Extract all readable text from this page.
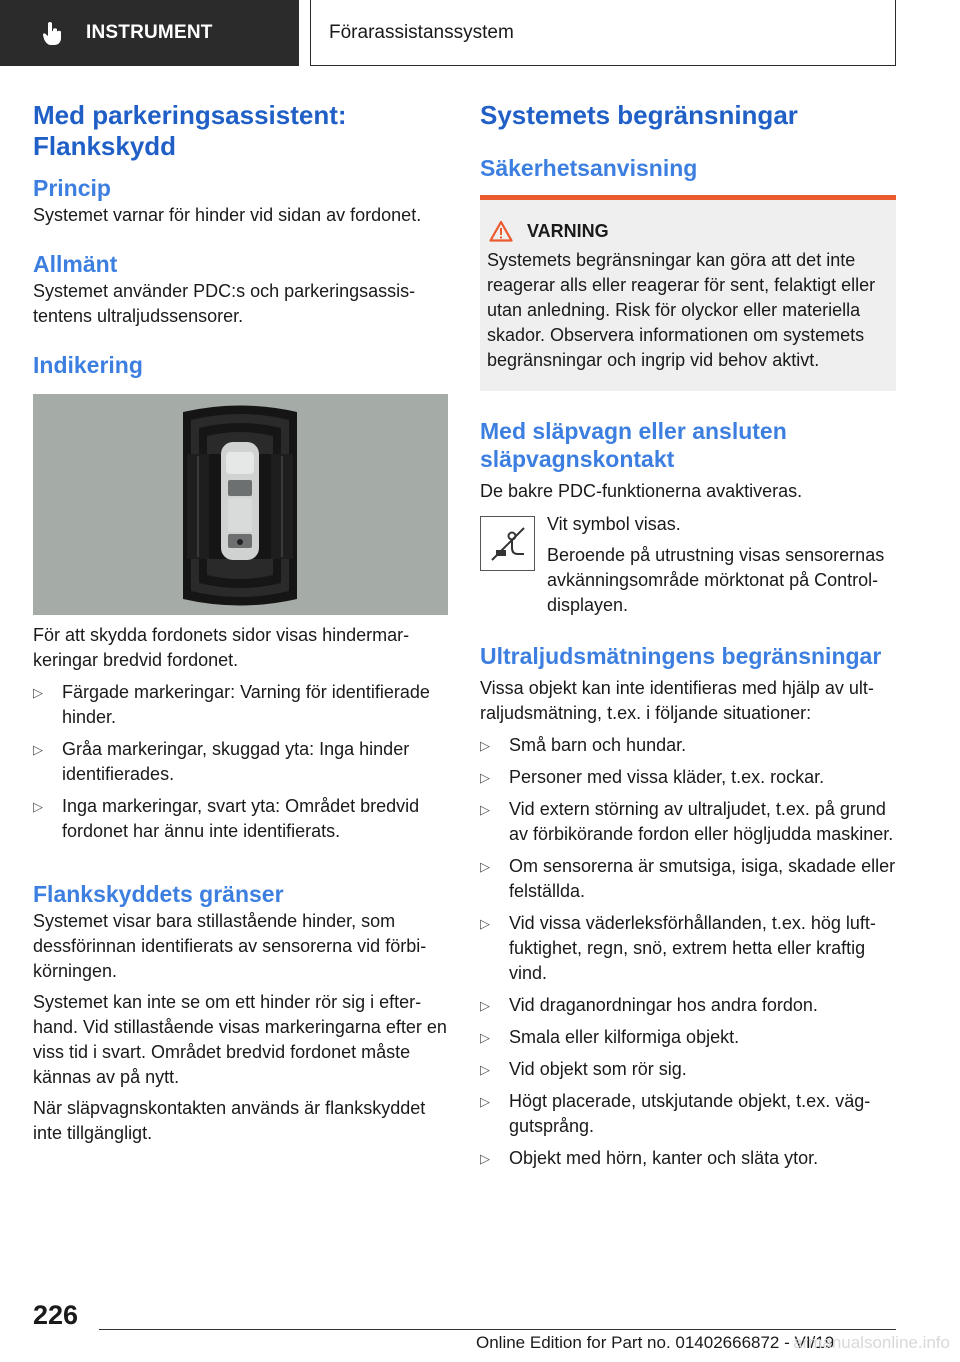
INSTRUMENT	Förarassistanssystem
Med parkeringsassistent: Flankskydd
Princip

Systemet varnar för hinder vid sidan av fordonet.

Allmänt

Systemet använder PDC:s och parkeringsassistentens ultraljudssensorer.

Indikering

För att skydda fordonets sidor visas hindermarkeringar bredvid fordonet.

▷ Färgade markeringar: Varning för identifierade hinder.
▷ Gråa markeringar, skuggad yta: Inga hinder identifierades.
▷ Inga markeringar, svart yta: Området bredvid fordonet har ännu inte identifierats.
Flankskyddets gränser

Systemet visar bara stillastående hinder, som dessförinnan identifierats av sensorerna vid förbikörningen.

Systemet kan inte se om ett hinder rör sig i efterhand. Vid stillastående visas markeringarna efter en viss tid i svart. Området bredvid fordonet måste kännas av på nytt.

När släpvagnskontakten används är flankskyddet inte tillgängligt.

Systemets begränsningar
Säkerhetsanvisning
VARNING

Systemets begränsningar kan göra att det inte reagerar alls eller reagerar för sent, felaktigt eller utan anledning. Risk för olyckor eller materiella skador. Observera informationen om systemets begränsningar och ingrip vid behov aktivt.

Med släpvagn eller ansluten släpvagnskontakt

De bakre PDC-funktionerna avaktiveras.

Vit symbol visas.

Beroende på utrustning visas sensorernas avkänningsområde mörktonat på Control-displayen.

Ultraljudsmätningens begränsningar

Vissa objekt kan inte identifieras med hjälp av ultraljudsmätning, t.ex. i följande situationer:

▷ Små barn och hundar.
▷ Personer med vissa kläder, t.ex. rockar.
▷ Vid extern störning av ultraljudet, t.ex. på grund av förbikörande fordon eller högljudda maskiner.
▷ Om sensorerna är smutsiga, isiga, skadade eller felställda.
▷ Vid vissa väderleksförhållanden, t.ex. hög luftfuktighet, regn, snö, extrem hetta eller kraftig vind.
▷ Vid draganordningar hos andra fordon.
▷ Smala eller kilformiga objekt.
▷ Vid objekt som rör sig.
▷ Högt placerade, utskjutande objekt, t.ex. väggutsprång.
▷ Objekt med hörn, kanter och släta ytor.
226
Online Edition for Part no. 01402666872 - VI/19
armanualsonline.info
